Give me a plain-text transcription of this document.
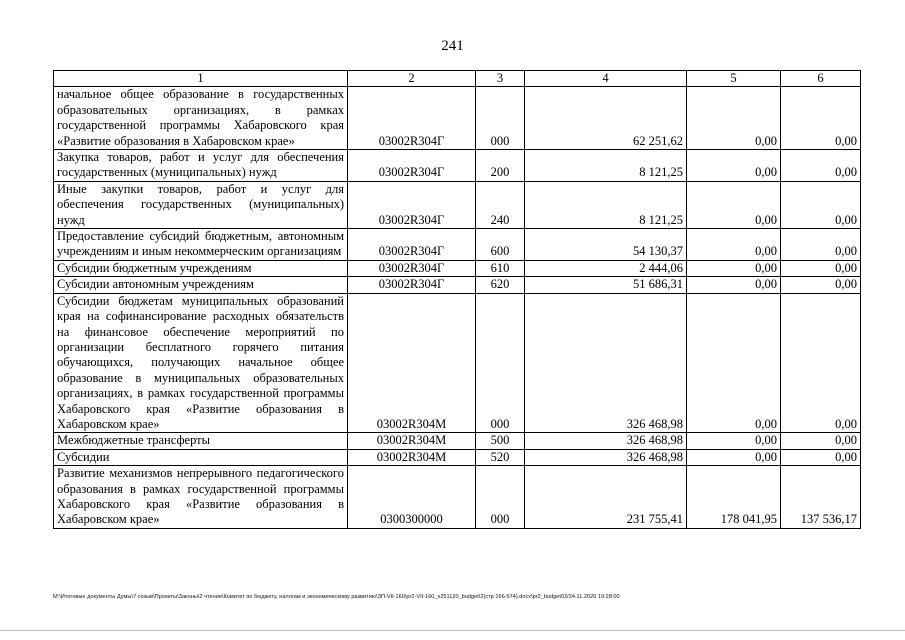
241
1	2	3	4	5	6
начальное общее образование в государственных образовательных организациях, в рамках государственной программы Хабаровского края «Развитие образования в Хабаровском крае»	03002R304Г	000	62 251,62	0,00	0,00
Закупка товаров, работ и услуг для обеспечения государственных (муниципальных) нужд	03002R304Г	200	8 121,25	0,00	0,00
Иные закупки товаров, работ и услуг для обеспечения государственных (муниципальных) нужд	03002R304Г	240	8 121,25	0,00	0,00
Предоставление субсидий бюджетным, автономным учреждениям и иным некоммерческим организациям	03002R304Г	600	54 130,37	0,00	0,00
Субсидии бюджетным учреждениям	03002R304Г	610	2 444,06	0,00	0,00
Субсидии автономным учреждениям	03002R304Г	620	51 686,31	0,00	0,00
Субсидии бюджетам муниципальных образований края на софинансирование расходных обязательств на финансовое обеспечение мероприятий по организации бесплатного горячего питания обучающихся, получающих начальное общее образование в муниципальных образовательных организациях, в рамках государственной программы Хабаровского края «Развитие образования в Хабаровском крае»	03002R304М	000	326 468,98	0,00	0,00
Межбюджетные трансферты	03002R304М	500	326 468,98	0,00	0,00
Субсидии	03002R304М	520	326 468,98	0,00	0,00
Развитие механизмов непрерывного педагогического образования в рамках государственной программы Хабаровского края «Развитие образования в Хабаровском крае»	0300300000	000	231 755,41	178 041,95	137 536,17
M:\Итоговые документы Думы\7 созыв\Проекты\Законы\2 чтение\Комитет по бюджету, налогам и экономическому развитию\ЗП-VII-160\pr2-VII-160_v251120_budget\2(стр 166-574).docx\pr2_budget02/24.11.2020 19:28:00
